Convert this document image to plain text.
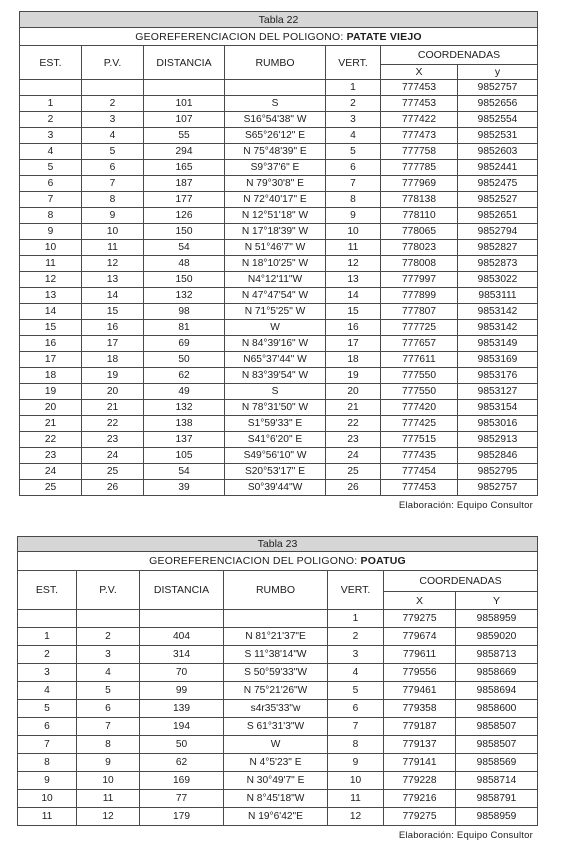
Tabla 22						
GEOREFERENCIACION DEL POLIGONO: PATATE VIEJO						
EST.	P.V.	DISTANCIA	RUMBO	VERT.	COORDENADAS	
					X	y
				1	777453	9852757
1	2	101	S	2	777453	9852656
2	3	107	S16°54'38" W	3	777422	9852554
3	4	55	S65°26'12" E	4	777473	9852531
4	5	294	N 75°48'39" E	5	777758	9852603
5	6	165	S9°37'6" E	6	777785	9852441
6	7	187	N 79°30'8" E	7	777969	9852475
7	8	177	N 72°40'17" E	8	778138	9852527
8	9	126	N 12°51'18" W	9	778110	9852651
9	10	150	N 17°18'39" W	10	778065	9852794
10	11	54	N 51°46'7" W	11	778023	9852827
11	12	48	N 18°10'25" W	12	778008	9852873
12	13	150	N4°12'11"W	13	777997	9853022
13	14	132	N 47°47'54" W	14	777899	9853111
14	15	98	N 71°5'25" W	15	777807	9853142
15	16	81	W	16	777725	9853142
16	17	69	N 84°39'16" W	17	777657	9853149
17	18	50	N65°37'44" W	18	777611	9853169
18	19	62	N 83°39'54" W	19	777550	9853176
19	20	49	S	20	777550	9853127
20	21	132	N 78°31'50" W	21	777420	9853154
21	22	138	S1°59'33" E	22	777425	9853016
22	23	137	S41°6'20" E	23	777515	9852913
23	24	105	S49°56'10" W	24	777435	9852846
24	25	54	S20°53'17" E	25	777454	9852795
25	26	39	S0°39'44"W	26	777453	9852757
Elaboración: Equipo Consultor
Tabla 23						
GEOREFERENCIACION DEL POLIGONO: POATUG						
EST.	P.V.	DISTANCIA	RUMBO	VERT.	COORDENADAS	
					X	Y
				1	779275	9858959
1	2	404	N 81°21'37"E	2	779674	9859020
2	3	314	S 11°38'14"W	3	779611	9858713
3	4	70	S 50°59'33"W	4	779556	9858669
4	5	99	N 75°21'26"W	5	779461	9858694
5	6	139	s4r35'33"w	6	779358	9858600
6	7	194	S 61°31'3"W	7	779187	9858507
7	8	50	W	8	779137	9858507
8	9	62	N 4°5'23" E	9	779141	9858569
9	10	169	N 30°49'7" E	10	779228	9858714
10	11	77	N 8°45'18"W	11	779216	9858791
11	12	179	N 19°6'42"E	12	779275	9858959
Elaboración: Equipo Consultor
